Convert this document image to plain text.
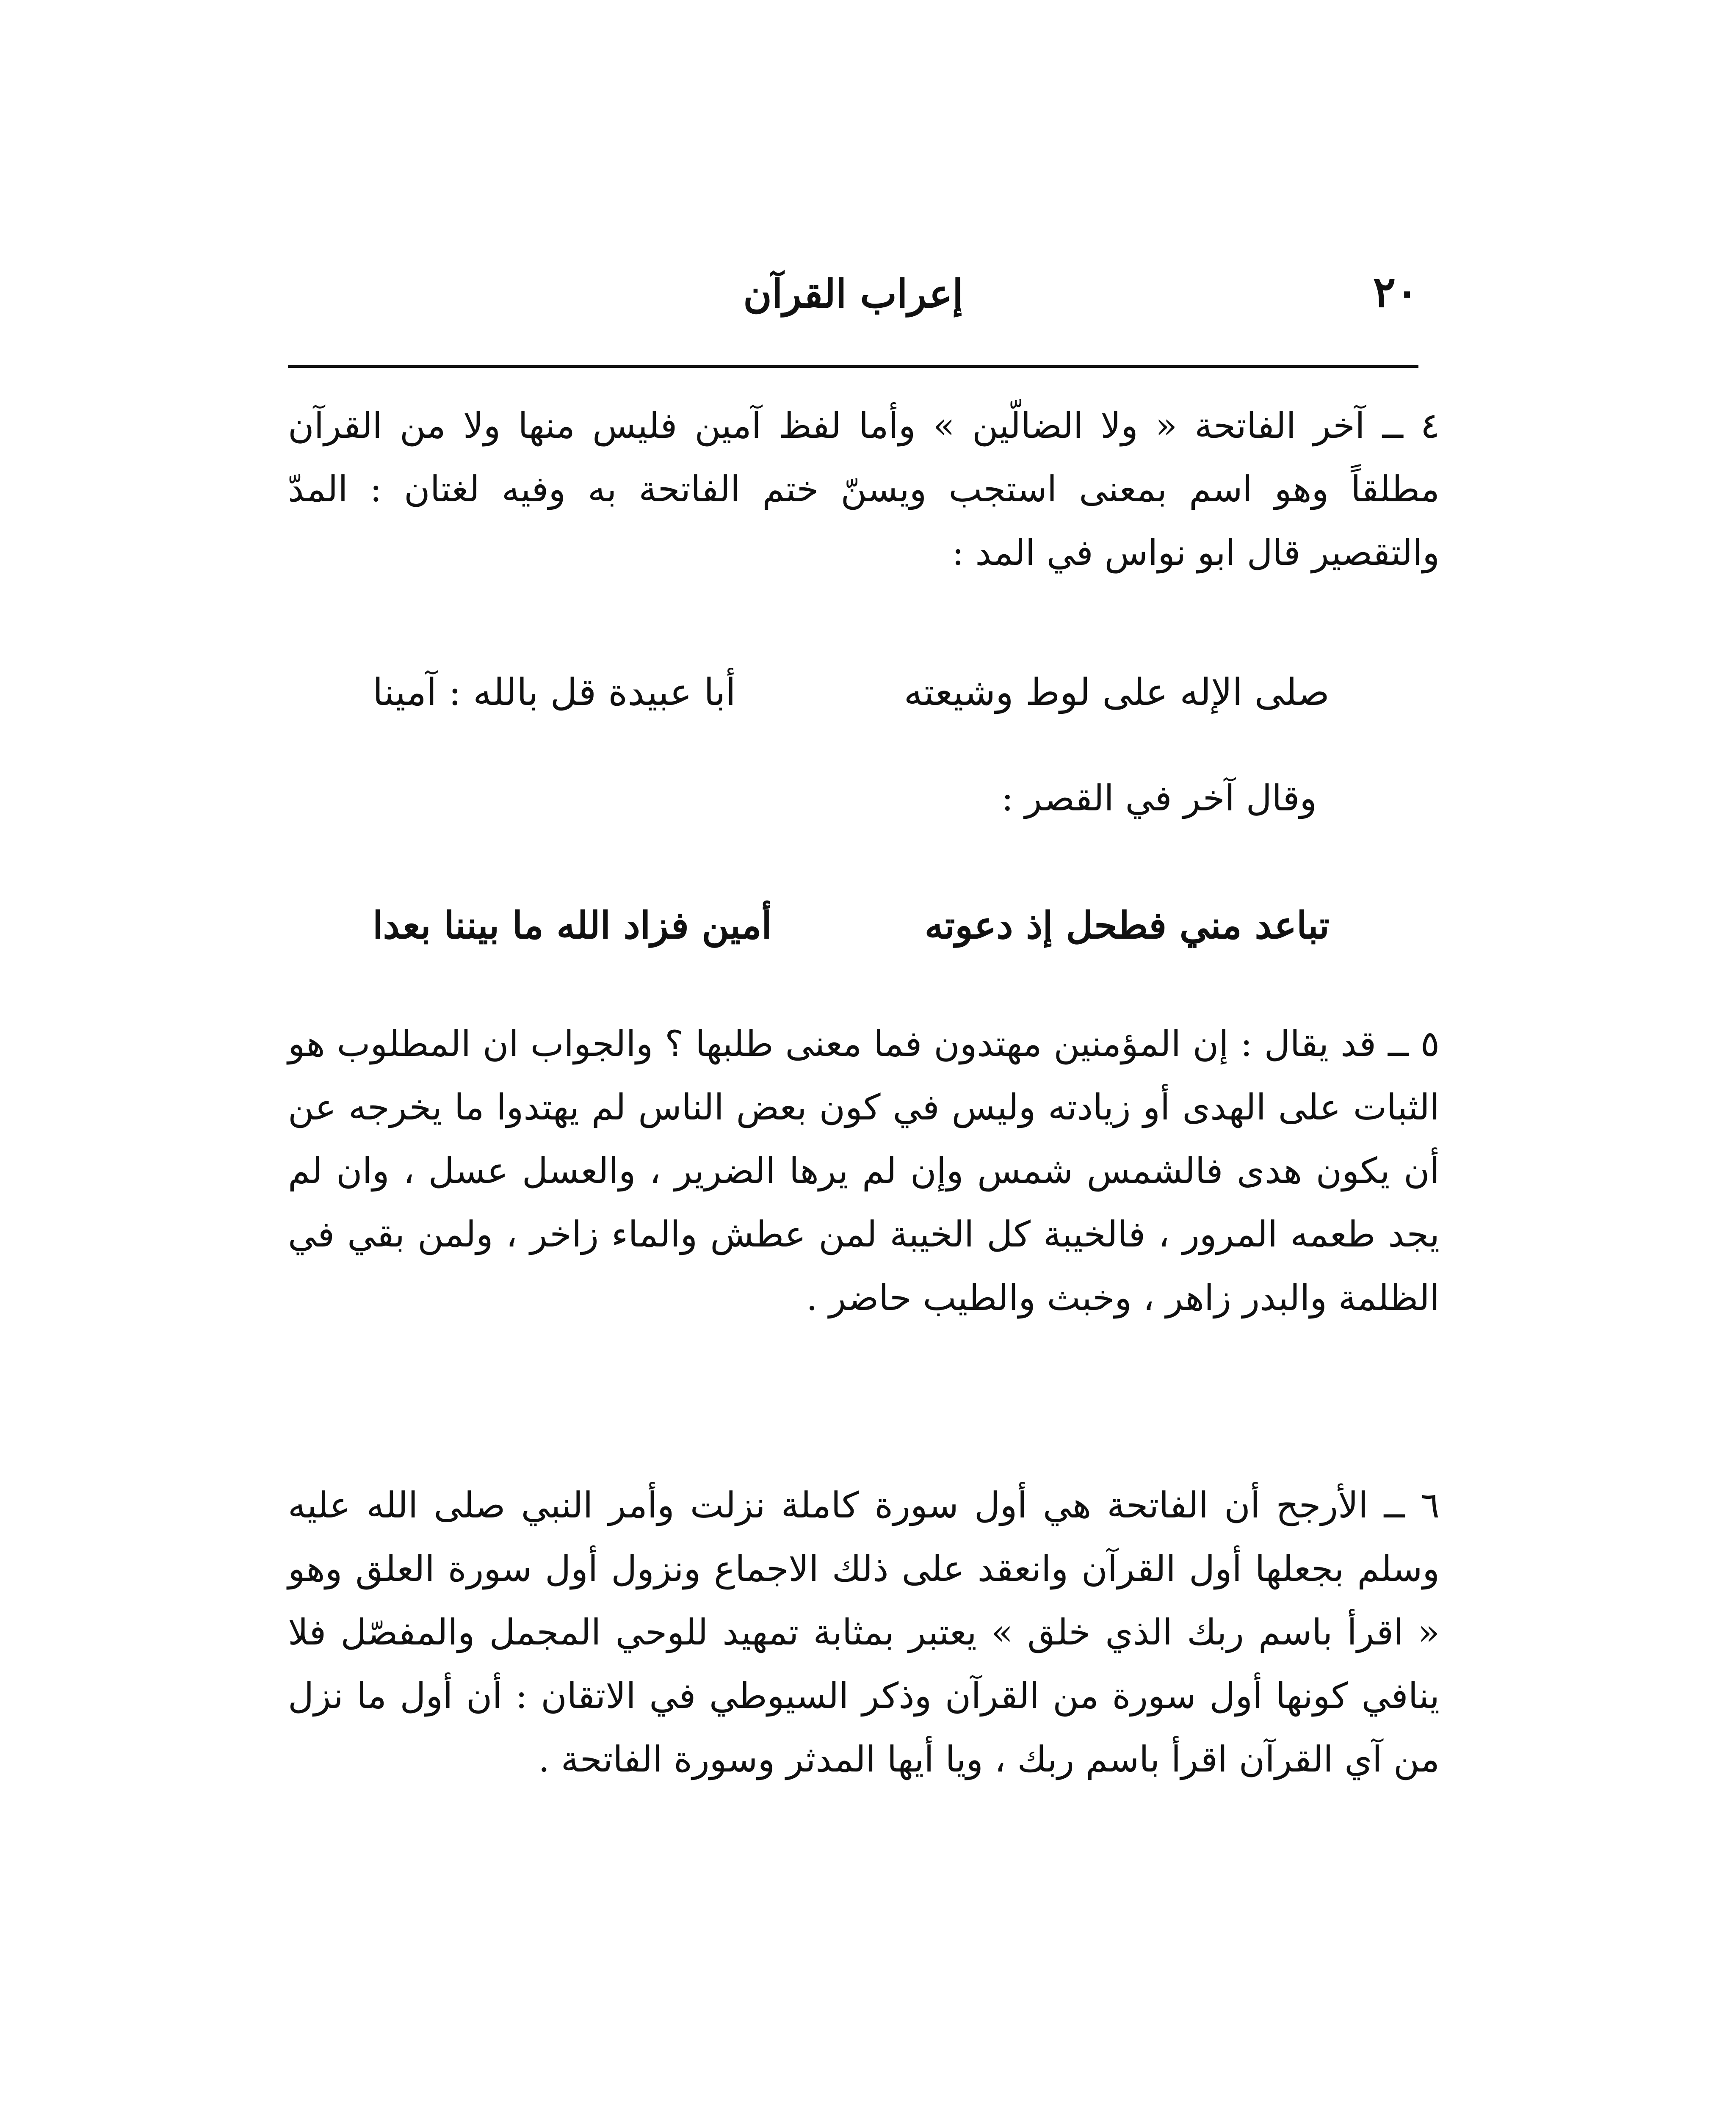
٢٠
إعراب القرآن

٤ ــ آخر الفاتحة « ولا الضالّين » وأما لفظ آمين فليس منها ولا من القرآن مطلقاً وهو اسم بمعنى استجب ويسنّ ختم الفاتحة به وفيه لغتان : المدّ والتقصير قال ابو نواس في المد :

صلى الإله على لوط وشيعته
أبا عبيدة قل بالله : آمينا
وقال آخر في القصر :
تباعد مني فطحل إذ دعوته
أمين فزاد الله ما بيننا بعدا

٥ ــ قد يقال : إن المؤمنين مهتدون فما معنى طلبها ؟ والجواب ان المطلوب هو الثبات على الهدى أو زيادته وليس في كون بعض الناس لم يهتدوا ما يخرجه عن أن يكون هدى فالشمس شمس وإن لم يرها الضرير ، والعسل عسل ، وان لم يجد طعمه المرور ، فالخيبة كل الخيبة لمن عطش والماء زاخر ، ولمن بقي في الظلمة والبدر زاهر ، وخبث والطيب حاضر .

٦ ــ الأرجح أن الفاتحة هي أول سورة كاملة نزلت وأمر النبي صلى الله عليه وسلم بجعلها أول القرآن وانعقد على ذلك الاجماع ونزول أول سورة العلق وهو « اقرأ باسم ربك الذي خلق » يعتبر بمثابة تمهيد للوحي المجمل والمفصّل فلا ينافي كونها أول سورة من القرآن وذكر السيوطي في الاتقان : أن أول ما نزل من آي القرآن اقرأ باسم ربك ، ويا أيها المدثر وسورة الفاتحة .
